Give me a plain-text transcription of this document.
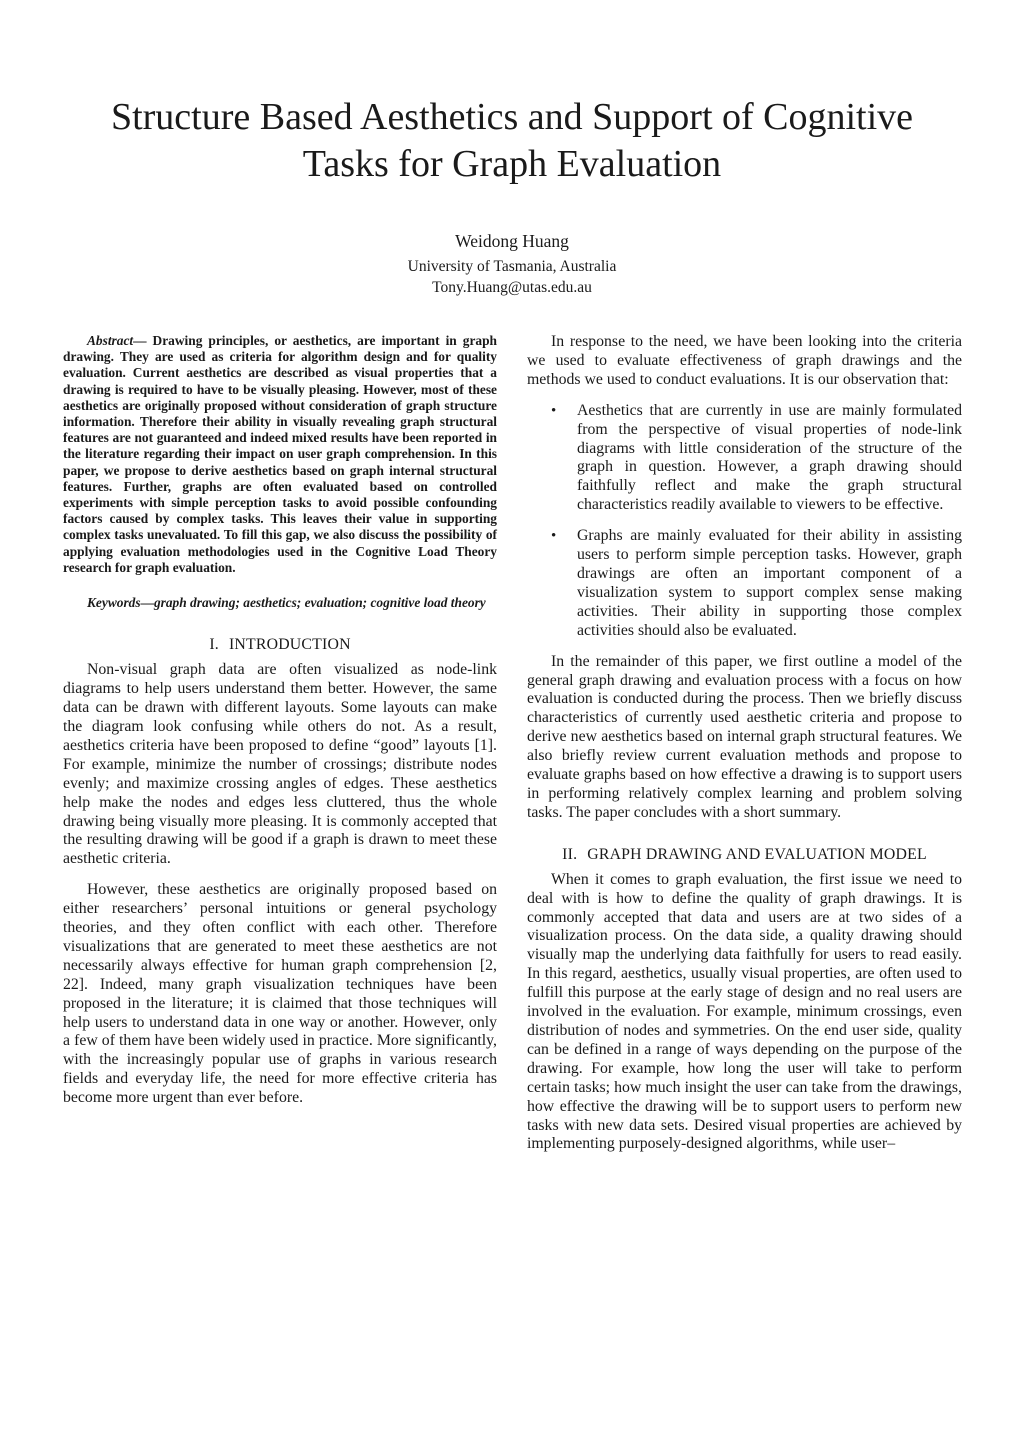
Structure Based Aesthetics and Support of Cognitive
Tasks for Graph Evaluation
Weidong Huang
University of Tasmania, Australia
Tony.Huang@utas.edu.au

Abstract— Drawing principles, or aesthetics, are important in graph drawing. They are used as criteria for algorithm design and for quality evaluation. Current aesthetics are described as visual properties that a drawing is required to have to be visually pleasing. However, most of these aesthetics are originally proposed without consideration of graph structure information. Therefore their ability in visually revealing graph structural features are not guaranteed and indeed mixed results have been reported in the literature regarding their impact on user graph comprehension. In this paper, we propose to derive aesthetics based on graph internal structural features. Further, graphs are often evaluated based on controlled experiments with simple perception tasks to avoid possible confounding factors caused by complex tasks. This leaves their value in supporting complex tasks unevaluated. To fill this gap, we also discuss the possibility of applying evaluation methodologies used in the Cognitive Load Theory research for graph evaluation.

Keywords—graph drawing; aesthetics; evaluation; cognitive load theory

I. INTRODUCTION

Non-visual graph data are often visualized as node-link diagrams to help users understand them better. However, the same data can be drawn with different layouts. Some layouts can make the diagram look confusing while others do not. As a result, aesthetics criteria have been proposed to define “good” layouts [1]. For example, minimize the number of crossings; distribute nodes evenly; and maximize crossing angles of edges. These aesthetics help make the nodes and edges less cluttered, thus the whole drawing being visually more pleasing. It is commonly accepted that the resulting drawing will be good if a graph is drawn to meet these aesthetic criteria.

However, these aesthetics are originally proposed based on either researchers’ personal intuitions or general psychology theories, and they often conflict with each other. Therefore visualizations that are generated to meet these aesthetics are not necessarily always effective for human graph comprehension [2, 22]. Indeed, many graph visualization techniques have been proposed in the literature; it is claimed that those techniques will help users to understand data in one way or another. However, only a few of them have been widely used in practice. More significantly, with the increasingly popular use of graphs in various research fields and everyday life, the need for more effective criteria has become more urgent than ever before.

In response to the need, we have been looking into the criteria we used to evaluate effectiveness of graph drawings and the methods we used to conduct evaluations. It is our observation that:

• Aesthetics that are currently in use are mainly formulated from the perspective of visual properties of node-link diagrams with little consideration of the structure of the graph in question. However, a graph drawing should faithfully reflect and make the graph structural characteristics readily available to viewers to be effective.

• Graphs are mainly evaluated for their ability in assisting users to perform simple perception tasks. However, graph drawings are often an important component of a visualization system to support complex sense making activities. Their ability in supporting those complex activities should also be evaluated.

In the remainder of this paper, we first outline a model of the general graph drawing and evaluation process with a focus on how evaluation is conducted during the process. Then we briefly discuss characteristics of currently used aesthetic criteria and propose to derive new aesthetics based on internal graph structural features. We also briefly review current evaluation methods and propose to evaluate graphs based on how effective a drawing is to support users in performing relatively complex learning and problem solving tasks. The paper concludes with a short summary.

II. GRAPH DRAWING AND EVALUATION MODEL

When it comes to graph evaluation, the first issue we need to deal with is how to define the quality of graph drawings. It is commonly accepted that data and users are at two sides of a visualization process. On the data side, a quality drawing should visually map the underlying data faithfully for users to read easily. In this regard, aesthetics, usually visual properties, are often used to fulfill this purpose at the early stage of design and no real users are involved in the evaluation. For example, minimum crossings, even distribution of nodes and symmetries. On the end user side, quality can be defined in a range of ways depending on the purpose of the drawing. For example, how long the user will take to perform certain tasks; how much insight the user can take from the drawings, how effective the drawing will be to support users to perform new tasks with new data sets. Desired visual properties are achieved by implementing purposely-designed algorithms, while user–
